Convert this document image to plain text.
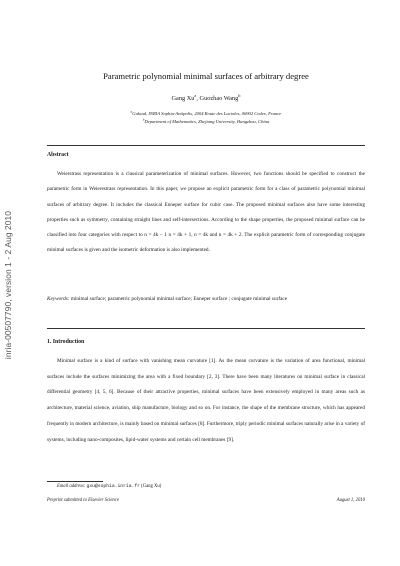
inria-00507790, version 1 - 2 Aug 2010
Parametric polynomial minimal surfaces of arbitrary degree
Gang Xu$^a$, Guozhao Wang$^b$
$^a$Galaad, INRIA Sophia-Antipolis, 2004 Route des Lucioles, 06902 Cedex, France
$^b$Department of Mathematics, Zhejiang University, Hangzhou, China
Abstract

Weierstrass representation is a classical parameterization of minimal surfaces. However, two functions should be specified to construct the parametric form in Weierestrass representation. In this paper, we propose an explicit parametric form for a class of parametric polynomial minimal surfaces of arbitrary degree. It includes the classical Enneper surface for cubic case. The proposed minimal surfaces also have some interesting properties such as symmetry, containing straight lines and self-intersections. According to the shape properties, the proposed minimal surface can be classified into four categories with respect to n = 4k − 1 n = 4k + 1, n = 4k and n = 4k + 2. The explicit parametric form of corresponding conjugate minimal surfaces is given and the isometric deformation is also implemented.

Keywords: minimal surface; parametric polynomial minimal surface; Enneper surface ; conjugate minimal surface

1. Introduction

Minimal surface is a kind of surface with vanishing mean curvature [1]. As the mean curvature is the variation of area functional, minimal surfaces include the surfaces minimizing the area with a fixed boundary [2, 3]. There have been many literatures on minimal surface in classical differential geometry [4, 5, 6]. Because of their attractive properties, minimal surfaces have been extensively employed in many areas such as architecture, material science, aviation, ship manufacture, biology and so on. For instance, the shape of the membrane structure, which has appeared frequently in modern architecture, is mainly based on minimal surfaces [8]. Furthermore, triply periodic minimal surfaces naturally arise in a variety of systems, including nano-composites, lipid-water systems and certain cell membranes [9].

Email address: gxu@sophia.inria.fr (Gang Xu)
Preprint submitted to Elsevier Science	August 1, 2010
